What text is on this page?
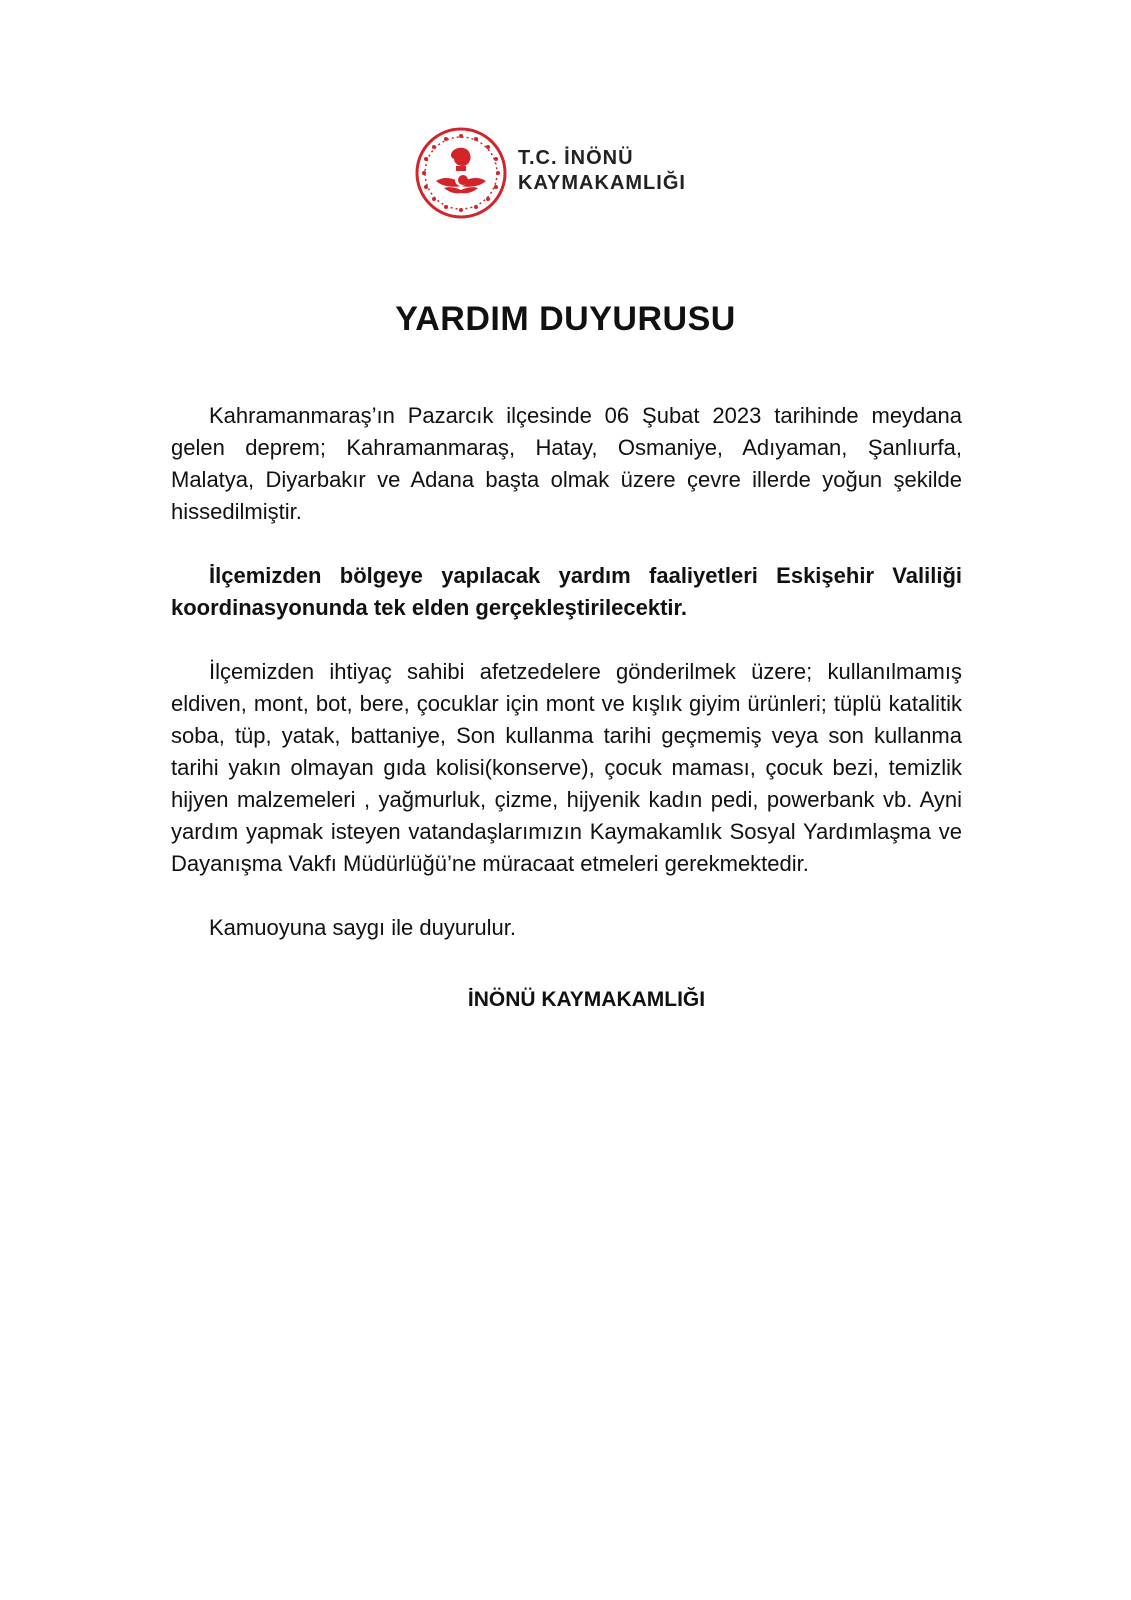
T.C. İNÖNÜ
KAYMAKAMLIĞI
YARDIM DUYURUSU

Kahramanmaraş’ın Pazarcık ilçesinde 06 Şubat 2023 tarihinde meydana gelen deprem; Kahramanmaraş, Hatay, Osmaniye, Adıyaman, Şanlıurfa, Malatya, Diyarbakır ve Adana başta olmak üzere çevre illerde yoğun şekilde hissedilmiştir.

İlçemizden bölgeye yapılacak yardım faaliyetleri Eskişehir Valiliği koordinasyonunda tek elden gerçekleştirilecektir.

İlçemizden ihtiyaç sahibi afetzedelere gönderilmek üzere; kullanılmamış eldiven, mont, bot, bere, çocuklar için mont ve kışlık giyim ürünleri; tüplü katalitik soba, tüp, yatak, battaniye, Son kullanma tarihi geçmemiş veya son kullanma tarihi yakın olmayan gıda kolisi(konserve), çocuk maması, çocuk bezi, temizlik hijyen malzemeleri , yağmurluk, çizme, hijyenik kadın pedi, powerbank vb. Ayni yardım yapmak isteyen vatandaşlarımızın Kaymakamlık Sosyal Yardımlaşma ve Dayanışma Vakfı Müdürlüğü’ne müracaat etmeleri gerekmektedir.

Kamuoyuna saygı ile duyurulur.

İNÖNÜ KAYMAKAMLIĞI
